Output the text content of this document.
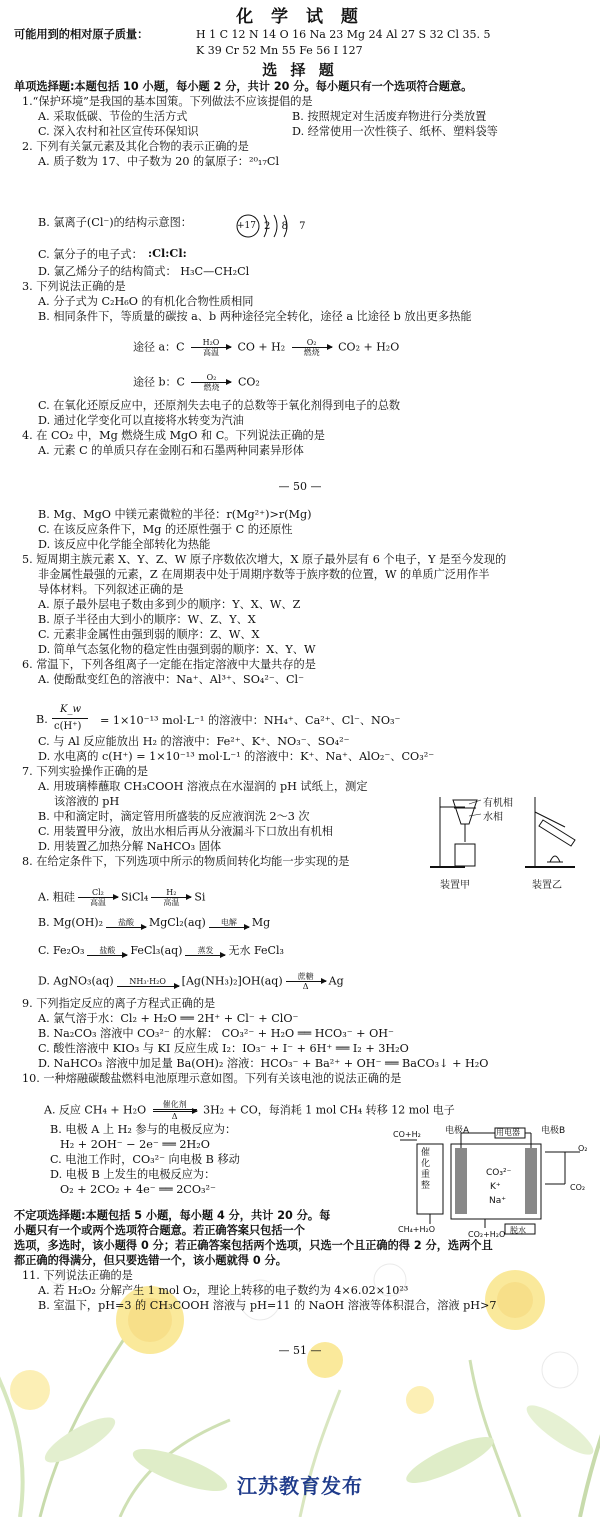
化 学 试 题
可能用到的相对原子质量：	H 1 C 12 N 14 O 16 Na 23 Mg 24 Al 27 S 32 Cl 35. 5
K 39 Cr 52 Mn 55 Fe 56 I 127
选 择 题
单项选择题:本题包括 10 小题，每小题 2 分，共计 20 分。每小题只有一个选项符合题意。
1.“保护环境”是我国的基本国策。下列做法不应该提倡的是
A. 采取低碳、节俭的生活方式	B. 按照规定对生活废弃物进行分类放置
C. 深入农村和社区宣传环保知识	D. 经常使用一次性筷子、纸杯、塑料袋等
2. 下列有关氯元素及其化合物的表示正确的是
A. 质子数为 17、中子数为 20 的氯原子：²⁰₁₇Cl
B. 氯离子(Cl⁻)的结构示意图：
C. 氯分子的电子式：
D. 氯乙烯分子的结构简式： H₃C—CH₂Cl
3. 下列说法正确的是
A. 分子式为 C₂H₆O 的有机化合物性质相同
B. 相同条件下，等质量的碳按 a、b 两种途径完全转化，途径 a 比途径 b 放出更多热能
C. 在氧化还原反应中，还原剂失去电子的总数等于氧化剂得到电子的总数
D. 通过化学变化可以直接将水转变为汽油
4. 在 CO₂ 中，Mg 燃烧生成 MgO 和 C。下列说法正确的是
A. 元素 C 的单质只存在金刚石和石墨两种同素异形体
B. Mg、MgO 中镁元素微粒的半径：r(Mg²⁺)>r(Mg)
C. 在该反应条件下，Mg 的还原性强于 C 的还原性
D. 该反应中化学能全部转化为热能
5. 短周期主族元素 X、Y、Z、W 原子序数依次增大，X 原子最外层有 6 个电子，Y 是至今发现的
非金属性最强的元素，Z 在周期表中处于周期序数等于族序数的位置，W 的单质广泛用作半
导体材料。下列叙述正确的是
A. 原子最外层电子数由多到少的顺序：Y、X、W、Z
B. 原子半径由大到小的顺序：W、Z、Y、X
C. 元素非金属性由强到弱的顺序：Z、W、X
D. 简单气态氢化物的稳定性由强到弱的顺序：X、Y、W
6. 常温下，下列各组离子一定能在指定溶液中大量共存的是
A. 使酚酞变红色的溶液中：Na⁺、Al³⁺、SO₄²⁻、Cl⁻
= 1×10⁻¹³ mol·L⁻¹ 的溶液中：NH₄⁺、Ca²⁺、Cl⁻、NO₃⁻
C. 与 Al 反应能放出 H₂ 的溶液中：Fe²⁺、K⁺、NO₃⁻、SO₄²⁻
D. 水电离的 c(H⁺) = 1×10⁻¹³ mol·L⁻¹ 的溶液中：K⁺、Na⁺、AlO₂⁻、CO₃²⁻
7. 下列实验操作正确的是
A. 用玻璃棒蘸取 CH₃COOH 溶液点在水湿润的 pH 试纸上，测定
该溶液的 pH
B. 中和滴定时，滴定管用所盛装的反应液润洗 2～3 次
C. 用装置甲分液，放出水相后再从分液漏斗下口放出有机相
D. 用装置乙加热分解 NaHCO₃ 固体
8. 在给定条件下，下列选项中所示的物质间转化均能一步实现的是
9. 下列指定反应的离子方程式正确的是
A. 氯气溶于水：Cl₂ + H₂O ══ 2H⁺ + Cl⁻ + ClO⁻
B. Na₂CO₃ 溶液中 CO₃²⁻ 的水解： CO₃²⁻ + H₂O ══ HCO₃⁻ + OH⁻
C. 酸性溶液中 KIO₃ 与 KI 反应生成 I₂：IO₃⁻ + I⁻ + 6H⁺ ══ I₂ + 3H₂O
D. NaHCO₃ 溶液中加足量 Ba(OH)₂ 溶液：HCO₃⁻ + Ba²⁺ + OH⁻ ══ BaCO₃↓ + H₂O
10. 一种熔融碳酸盐燃料电池原理示意如图。下列有关该电池的说法正确的是
B. 电极 A 上 H₂ 参与的电极反应为：
H₂ + 2OH⁻ − 2e⁻ ══ 2H₂O
C. 电池工作时，CO₃²⁻ 向电极 B 移动
D. 电极 B 上发生的电极反应为：
O₂ + 2CO₂ + 4e⁻ ══ 2CO₃²⁻
不定项选择题:本题包括 5 小题，每小题 4 分，共计 20 分。每
小题只有一个或两个选项符合题意。若正确答案只包括一个
选项，多选时，该小题得 0 分；若正确答案包括两个选项，只选一个且正确的得 2 分，选两个且
都正确的得满分，但只要选错一个，该小题就得 0 分。
11. 下列说法正确的是
A. 若 H₂O₂ 分解产生 1 mol O₂，理论上转移的电子数约为 4×6.02×10²³
B. 室温下，pH=3 的 CH₃COOH 溶液与 pH=11 的 NaOH 溶液等体积混合，溶液 pH>7
+17 2 8 7
:Cl:Cl:
途径 a：C	H₂O
高温	CO + H₂	O₂
燃烧	CO₂ + H₂O
途径 b：C	O₂
燃烧	CO₂
— 50 —
B.
K_w
c(H⁺)
有机相
水相
装置甲	装置乙
A. 粗硅	Cl₂
高温	SiCl₄	H₂
高温	Si
B. Mg(OH)₂	盐酸	MgCl₂(aq)	电解	Mg
C. Fe₂O₃	盐酸	FeCl₃(aq)	蒸发	无水 FeCl₃
D. AgNO₃(aq)	NH₃·H₂O	[Ag(NH₃)₂]OH(aq)	蔗糖
Δ	Ag
A. 反应 CH₄ + H₂O	催化剂
Δ	3H₂ + CO，每消耗 1 mol CH₄ 转移 12 mol 电子
电极A	电极B
用电器
CO+H₂
催化重整
CO₃²⁻
K⁺
Na⁺
O₂
CO₂
CH₄+H₂O
CO₂+H₂O 脱水
— 51 —
江苏教育发布
